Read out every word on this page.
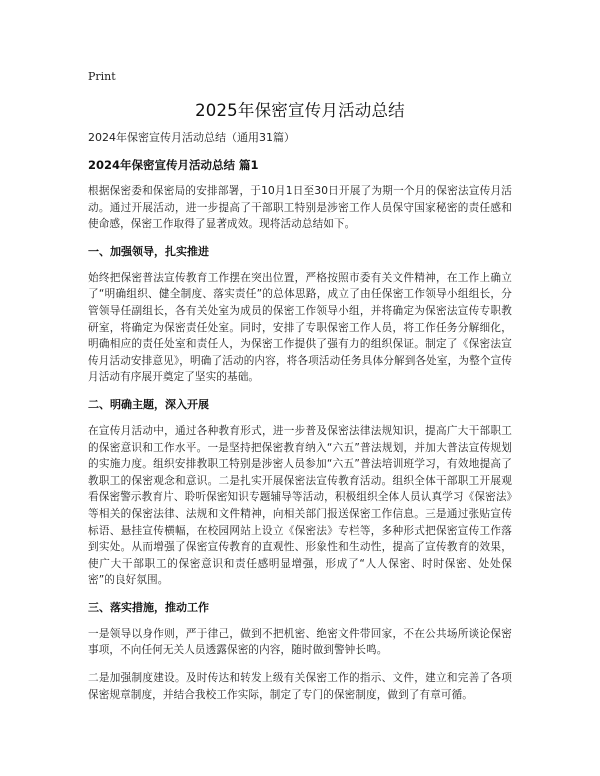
Print
2025年保密宣传月活动总结

2024年保密宣传月活动总结（通用31篇）

2024年保密宣传月活动总结 篇1

根据保密委和保密局的安排部署，于10月1日至30日开展了为期一个月的保密法宣传月活动。通过开展活动，进一步提高了干部职工特别是涉密工作人员保守国家秘密的责任感和使命感，保密工作取得了显著成效。现将活动总结如下。

一、加强领导，扎实推进

始终把保密普法宣传教育工作摆在突出位置，严格按照市委有关文件精神，在工作上确立了“明确组织、健全制度、落实责任”的总体思路，成立了由任保密工作领导小组组长，分管领导任副组长，各有关处室为成员的保密工作领导小组，并将确定为保密法宣传专职教研室，将确定为保密责任处室。同时，安排了专职保密工作人员，将工作任务分解细化，明确相应的责任处室和责任人，为保密工作提供了强有力的组织保证。制定了《保密法宣传月活动安排意见》，明确了活动的内容，将各项活动任务具体分解到各处室，为整个宣传月活动有序展开奠定了坚实的基础。

二、明确主题，深入开展

在宣传月活动中，通过各种教育形式，进一步普及保密法律法规知识，提高广大干部职工的保密意识和工作水平。一是坚持把保密教育纳入“六五”普法规划，并加大普法宣传规划的实施力度。组织安排教职工特别是涉密人员参加“六五”普法培训班学习，有效地提高了教职工的保密观念和意识。二是扎实开展保密法宣传教育活动。组织全体干部职工开展观看保密警示教育片、聆听保密知识专题辅导等活动，积极组织全体人员认真学习《保密法》等相关的保密法律、法规和文件精神，向相关部门报送保密工作信息。三是通过张贴宣传标语、悬挂宣传横幅，在校园网站上设立《保密法》专栏等，多种形式把保密宣传工作落到实处。从而增强了保密宣传教育的直观性、形象性和生动性，提高了宣传教育的效果，使广大干部职工的保密意识和责任感明显增强，形成了“人人保密、时时保密、处处保密”的良好氛围。

三、落实措施，推动工作

一是领导以身作则，严于律己，做到不把机密、绝密文件带回家，不在公共场所谈论保密事项，不向任何无关人员透露保密的内容，随时做到警钟长鸣。

二是加强制度建设。及时传达和转发上级有关保密工作的指示、文件，建立和完善了各项保密规章制度，并结合我校工作实际，制定了专门的保密制度，做到了有章可循。
